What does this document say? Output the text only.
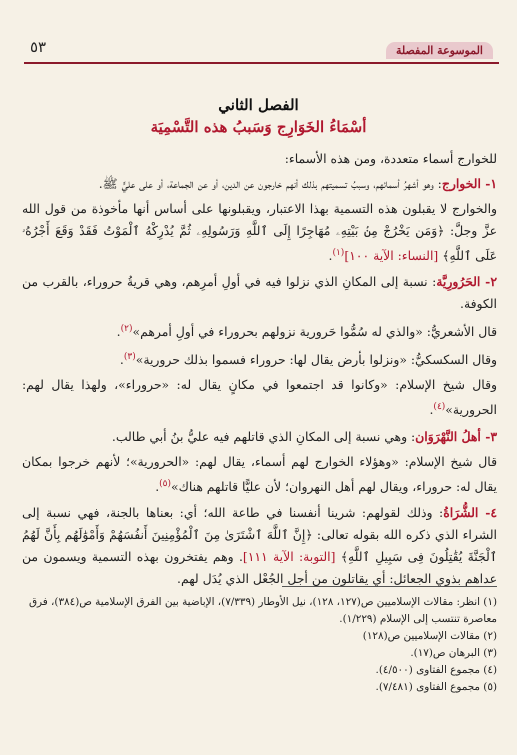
٥٣	الموسوعة المفصلة
الفصل الثاني
أسْمَاءُ الخَوَارِج وَسَببُ هذه التَّسْمِيَة

للخوارج أسماء متعددة، ومن هذه الأسماء:

١- الخوارج: وهو أشهرُ أسمائهم، وسببُ تسميتهم بذلك أنهم خارجون عن الدين، أو عن الجماعة، أو على عليٍّ ﷺ.

والخوارج لا يقبلون هذه التسمية بهذا الاعتبار، ويقبلونها على أساس أنها مأخوذة من قول الله عزَّ وجلَّ: ﴿وَمَن يَخْرُجْ مِنۢ بَيْتِهِۦ مُهَاجِرًا إِلَى ٱللَّهِ وَرَسُولِهِۦ ثُمَّ يُدْرِكْهُ ٱلْمَوْتُ فَقَدْ وَقَعَ أَجْرُهُۥ عَلَى ٱللَّهِ﴾ [النساء: الآية ١٠٠]$^{(١)}$.

٢- الحَرُورِيَّة: نسبة إلى المكانِ الذي نزلوا فيه في أولِ أمرِهم، وهي قريةُ حروراء، بالقرب من الكوفة.

قال الأشعريُّ: «والذي له سُمُّوا حَرورية نزولهم بحروراء في أولِ أمرهم»$^{(٢)}$.

وقال السكسكيُّ: «ونزلوا بأرض يقال لها: حروراء فسموا بذلك حرورية»$^{(٣)}$.

وقال شيخ الإسلام: «وكانوا قد اجتمعوا في مكانٍ يقال له: «حروراء»، ولهذا يقال لهم: الحرورية»$^{(٤)}$.

٣- أهلُ النَّهْرَوَان: وهي نسبة إلى المكانِ الذي قاتلهم فيه عليُّ بنُ أبي طالب.

قال شيخ الإسلام: «وهؤلاء الخوارج لهم أسماء، يقال لهم: «الحرورية»؛ لأنهم خرجوا بمكان يقال له: حروراء، ويقال لهم أهل النهروان؛ لأن عليًّا قاتلهم هناك»$^{(٥)}$.

٤- الشُّرَاةُ: وذلك لقولهم: شرينا أنفسنا في طاعة الله؛ أي: بعناها بالجنة، فهي نسبة إلى الشراء الذي ذكره الله بقوله تعالى: ﴿إِنَّ ٱللَّهَ ٱشْتَرَىٰ مِنَ ٱلْمُؤْمِنِينَ أَنفُسَهُمْ وَأَمْوَٰلَهُم بِأَنَّ لَهُمُ ٱلْجَنَّةَ يُقَٰتِلُونَ فِى سَبِيلِ ٱللَّهِ﴾ [التوبة: الآية ١١١]. وهم يفتخرون بهذه التسمية ويسمون من عداهم بذوي الجعائل: أي يقاتلون من أجل الجُعْل الذي يُدَل لهم.

(١) انظر: مقالات الإسلاميين ص(١٢٧، ١٢٨)، نيل الأوطار (٧/٣٣٩)، الإباضية بين الفرق الإسلامية ص(٣٨٤)، فرق معاصرة تنتسب إلى الإسلام (١/٢٢٩).
(٢) مقالات الإسلاميين ص(١٢٨)
(٣) البرهان ص(١٧).
(٤) مجموع الفتاوى (٤/٥٠٠).
(٥) مجموع الفتاوى (٧/٤٨١).
